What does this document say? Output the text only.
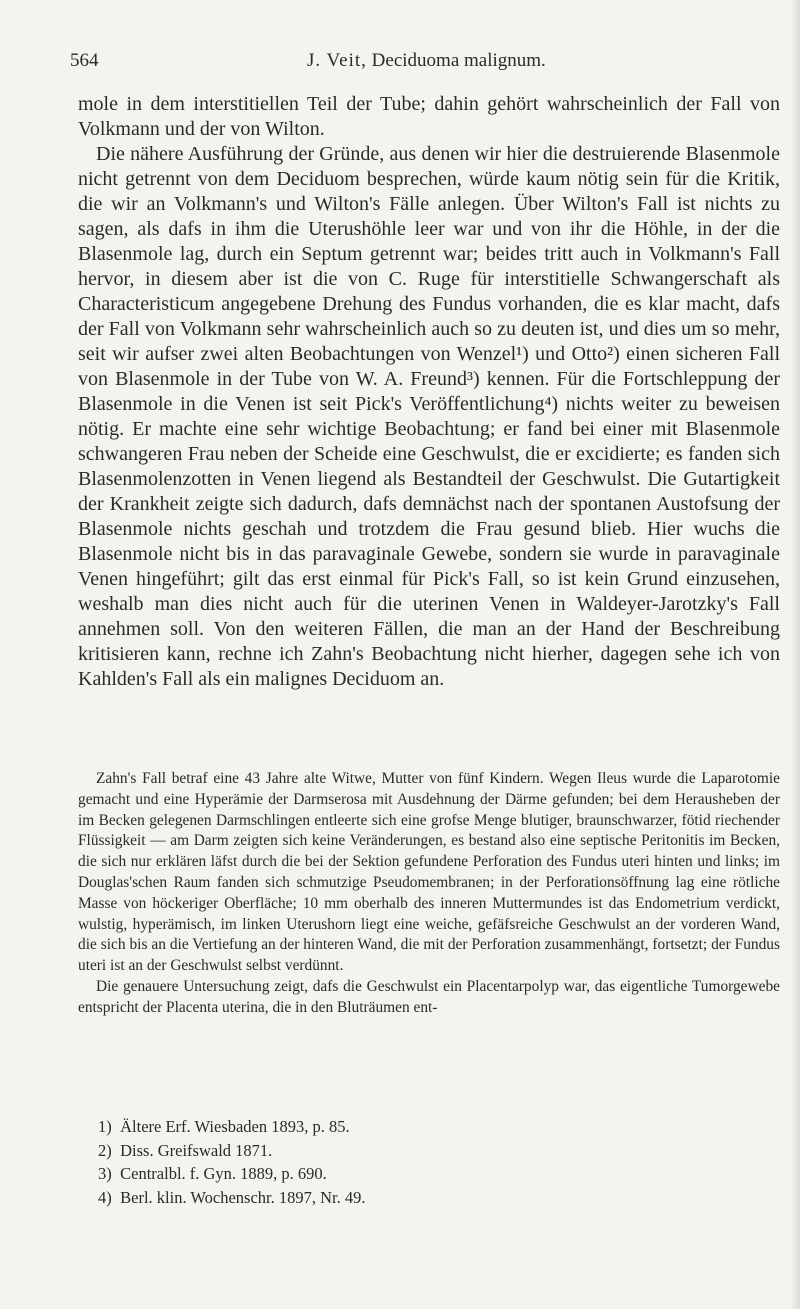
564	J. Veit, Deciduoma malignum.

mole in dem interstitiellen Teil der Tube; dahin gehört wahrscheinlich der Fall von Volkmann und der von Wilton.

Die nähere Ausführung der Gründe, aus denen wir hier die destruierende Blasenmole nicht getrennt von dem Deciduom besprechen, würde kaum nötig sein für die Kritik, die wir an Volkmann's und Wilton's Fälle anlegen. Über Wilton's Fall ist nichts zu sagen, als dafs in ihm die Uterushöhle leer war und von ihr die Höhle, in der die Blasenmole lag, durch ein Septum getrennt war; beides tritt auch in Volkmann's Fall hervor, in diesem aber ist die von C. Ruge für interstitielle Schwangerschaft als Characteristicum angegebene Drehung des Fundus vorhanden, die es klar macht, dafs der Fall von Volkmann sehr wahrscheinlich auch so zu deuten ist, und dies um so mehr, seit wir aufser zwei alten Beobachtungen von Wenzel¹) und Otto²) einen sicheren Fall von Blasenmole in der Tube von W. A. Freund³) kennen. Für die Fortschleppung der Blasenmole in die Venen ist seit Pick's Veröffentlichung⁴) nichts weiter zu beweisen nötig. Er machte eine sehr wichtige Beobachtung; er fand bei einer mit Blasenmole schwangeren Frau neben der Scheide eine Geschwulst, die er excidierte; es fanden sich Blasenmolenzotten in Venen liegend als Bestandteil der Geschwulst. Die Gutartigkeit der Krankheit zeigte sich dadurch, dafs demnächst nach der spontanen Austofsung der Blasenmole nichts geschah und trotzdem die Frau gesund blieb. Hier wuchs die Blasenmole nicht bis in das paravaginale Gewebe, sondern sie wurde in paravaginale Venen hingeführt; gilt das erst einmal für Pick's Fall, so ist kein Grund einzusehen, weshalb man dies nicht auch für die uterinen Venen in Waldeyer-Jarotzky's Fall annehmen soll. Von den weiteren Fällen, die man an der Hand der Beschreibung kritisieren kann, rechne ich Zahn's Beobachtung nicht hierher, dagegen sehe ich von Kahlden's Fall als ein malignes Deciduom an.

Zahn's Fall betraf eine 43 Jahre alte Witwe, Mutter von fünf Kindern. Wegen Ileus wurde die Laparotomie gemacht und eine Hyperämie der Darmserosa mit Ausdehnung der Därme gefunden; bei dem Herausheben der im Becken gelegenen Darmschlingen entleerte sich eine grofse Menge blutiger, braunschwarzer, fötid riechender Flüssigkeit — am Darm zeigten sich keine Veränderungen, es bestand also eine septische Peritonitis im Becken, die sich nur erklären läfst durch die bei der Sektion gefundene Perforation des Fundus uteri hinten und links; im Douglas'schen Raum fanden sich schmutzige Pseudomembranen; in der Perforationsöffnung lag eine rötliche Masse von höckeriger Oberfläche; 10 mm oberhalb des inneren Muttermundes ist das Endometrium verdickt, wulstig, hyperämisch, im linken Uterushorn liegt eine weiche, gefäfsreiche Geschwulst an der vorderen Wand, die sich bis an die Vertiefung an der hinteren Wand, die mit der Perforation zusammenhängt, fortsetzt; der Fundus uteri ist an der Geschwulst selbst verdünnt.

Die genauere Untersuchung zeigt, dafs die Geschwulst ein Placentarpolyp war, das eigentliche Tumorgewebe entspricht der Placenta uterina, die in den Bluträumen ent-

1) Ältere Erf. Wiesbaden 1893, p. 85.
2) Diss. Greifswald 1871.
3) Centralbl. f. Gyn. 1889, p. 690.
4) Berl. klin. Wochenschr. 1897, Nr. 49.
